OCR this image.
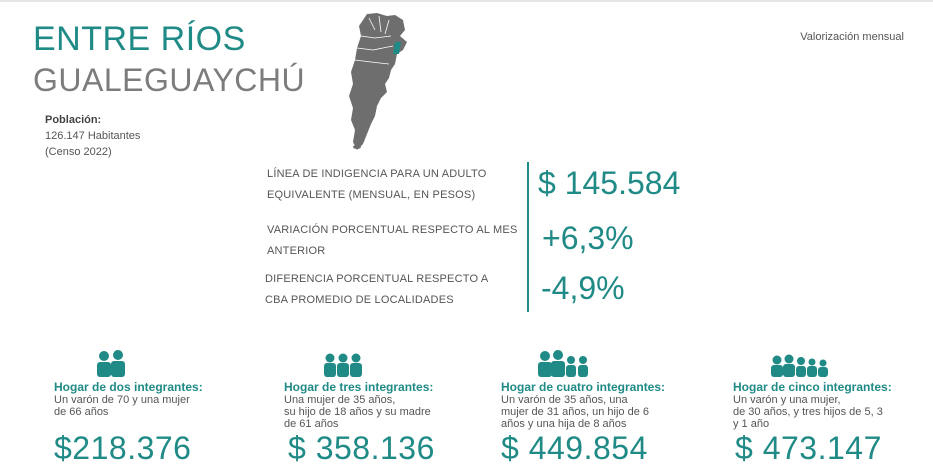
ENTRE RÍOS
GUALEGUAYCHÚ
Valorización mensual
Población:
126.147 Habitantes
(Censo 2022)
LÍNEA DE INDIGENCIA PARA UN ADULTO
EQUIVALENTE (MENSUAL, EN PESOS)
VARIACIÓN PORCENTUAL RESPECTO AL MES
ANTERIOR
DIFERENCIA PORCENTUAL RESPECTO A
CBA PROMEDIO DE LOCALIDADES
$ 145.584
+6,3%
-4,9%
Hogar de dos integrantes:
Un varón de 70 y una mujer
de 66 años
$218.376
Hogar de tres integrantes:
Una mujer de 35 años,
su hijo de 18 años y su madre
de 61 años
$ 358.136
Hogar de cuatro integrantes:
Un varón de 35 años, una
mujer de 31 años, un hijo de 6
años y una hija de 8 años
$ 449.854
Hogar de cinco integrantes:
Un varón y una mujer,
de 30 años, y tres hijos de 5, 3
y 1 año
$ 473.147
